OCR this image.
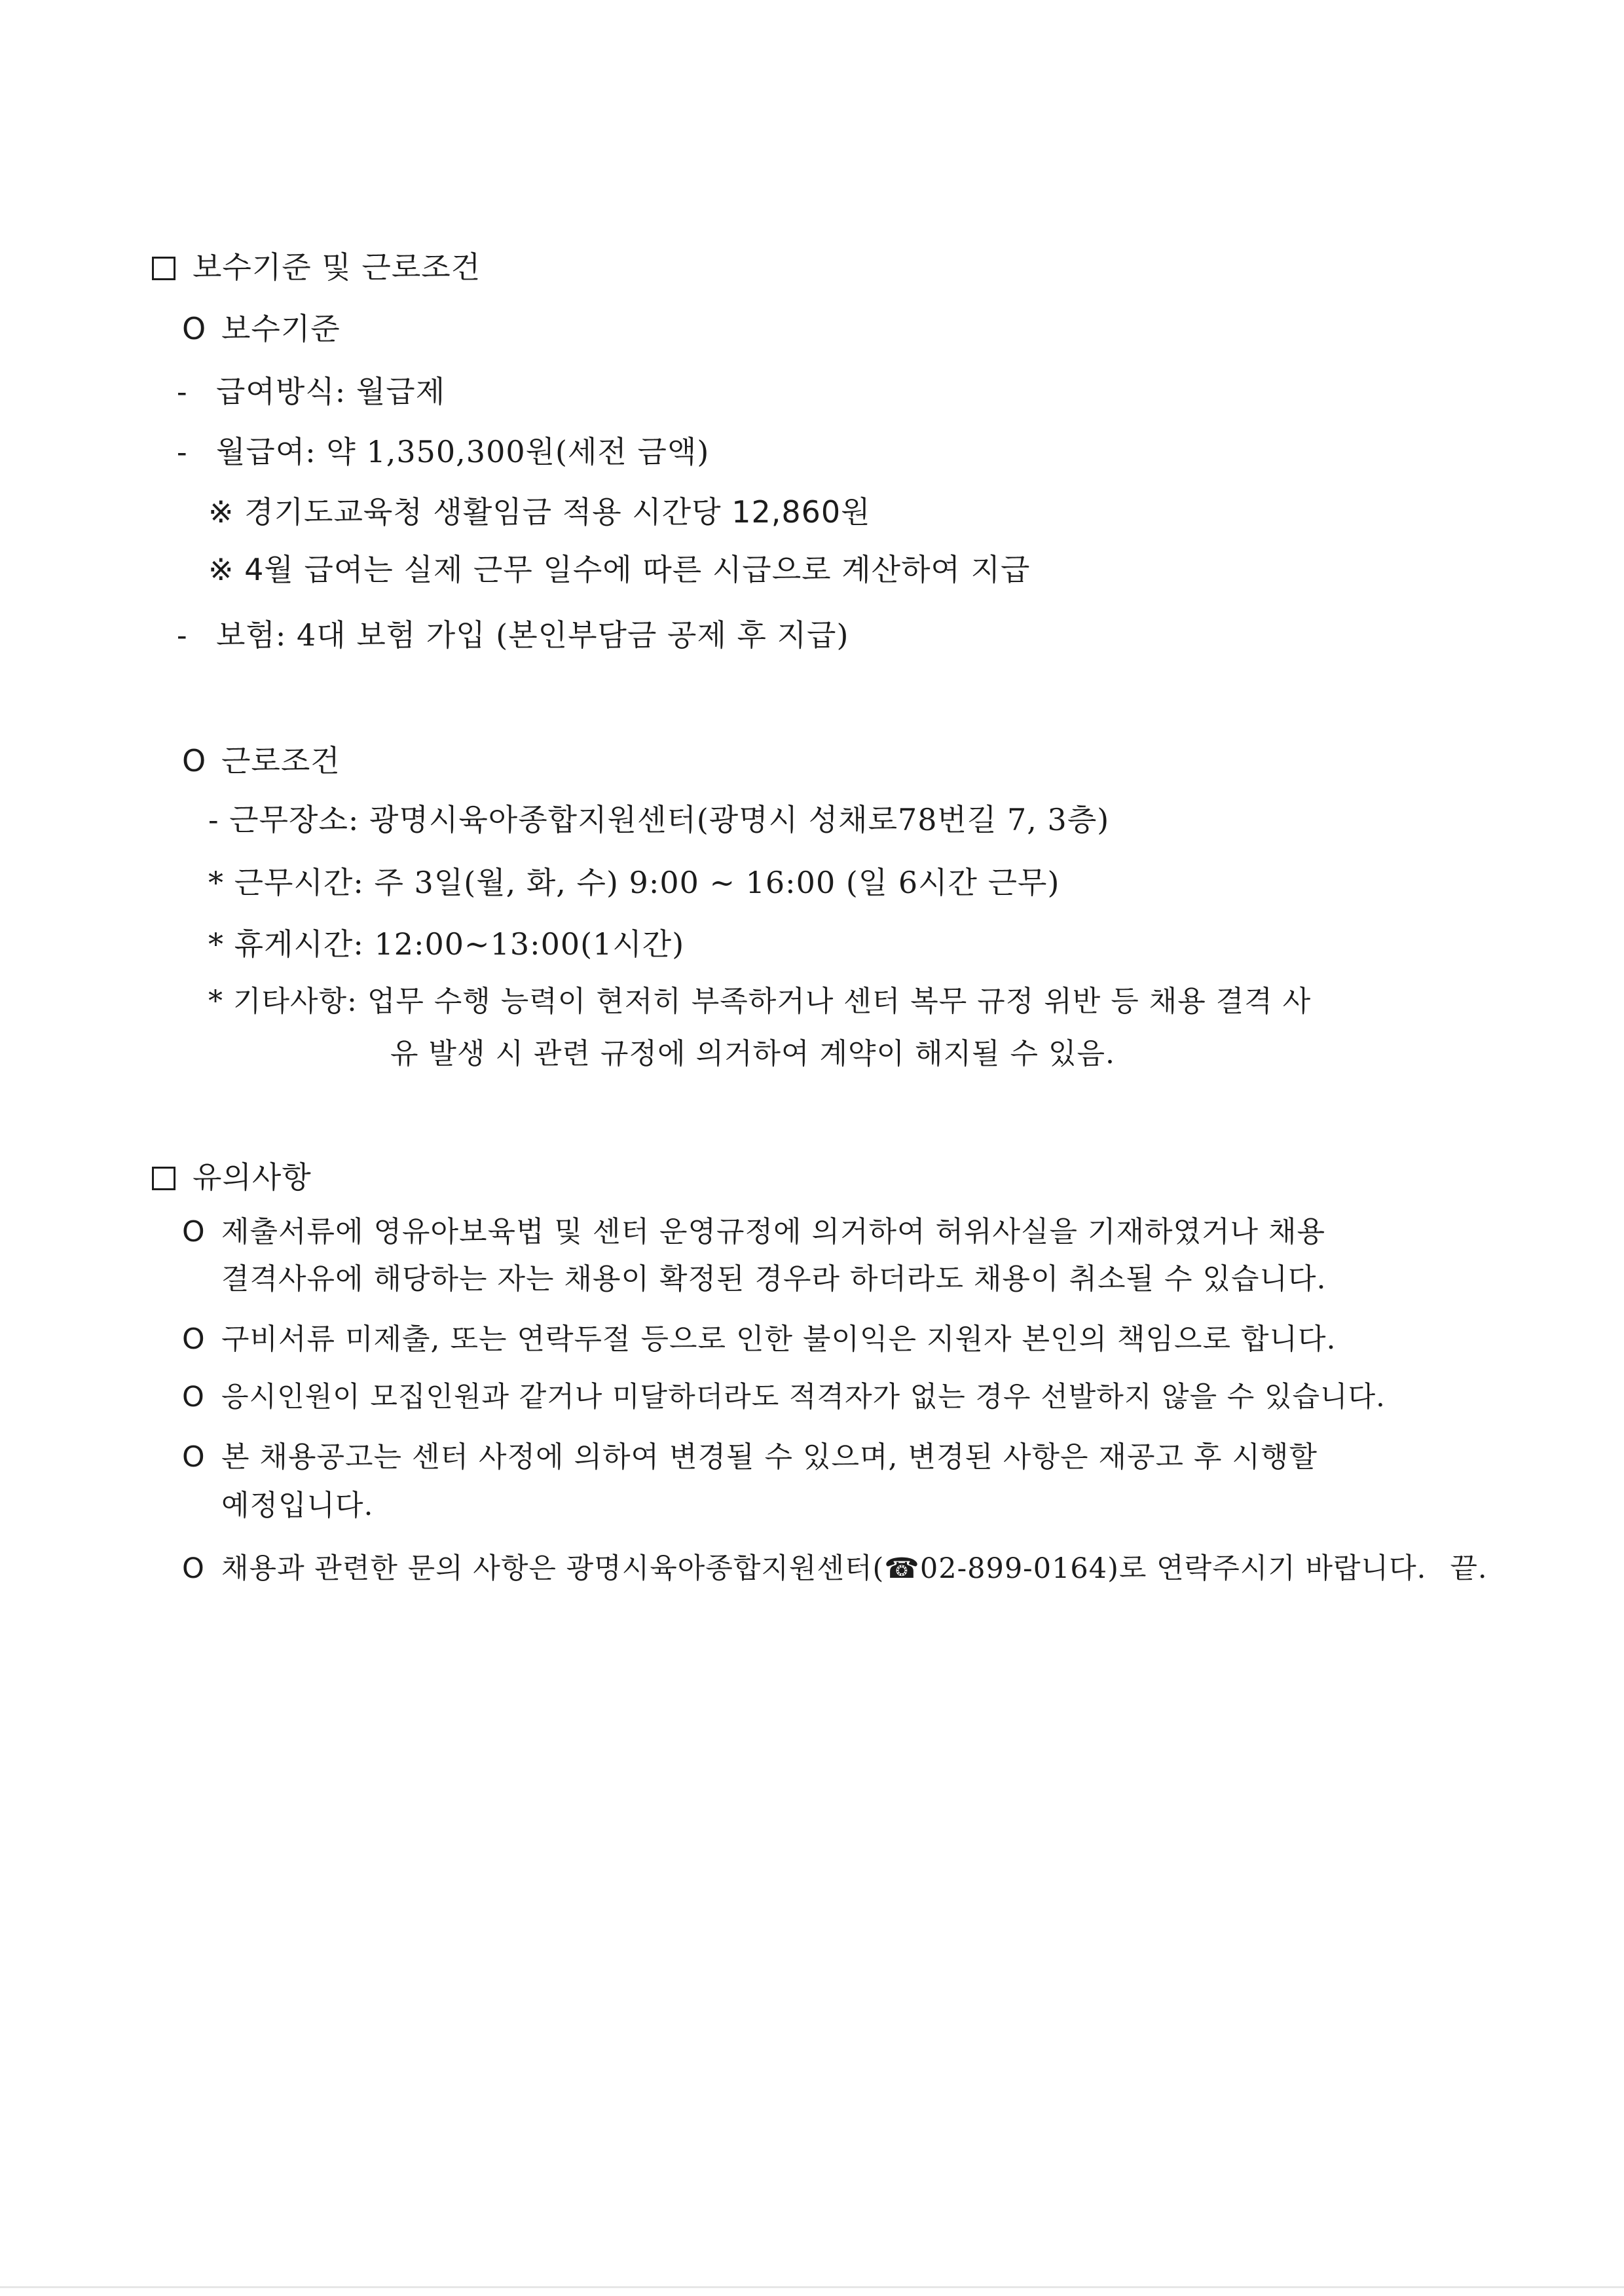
보수기준 및 근로조건
O 보수기준
- 급여방식: 월급제
- 월급여: 약 1,350,300원(세전 금액)
※ 경기도교육청 생활임금 적용 시간당 12,860원
※ 4월 급여는 실제 근무 일수에 따른 시급으로 계산하여 지급
- 보험: 4대 보험 가입 (본인부담금 공제 후 지급)
O 근로조건
- 근무장소: 광명시육아종합지원센터(광명시 성채로78번길 7, 3층)
* 근무시간: 주 3일(월, 화, 수) 9:00 ~ 16:00 (일 6시간 근무)
* 휴게시간: 12:00~13:00(1시간)
* 기타사항: 업무 수행 능력이 현저히 부족하거나 센터 복무 규정 위반 등 채용 결격 사
유 발생 시 관련 규정에 의거하여 계약이 해지될 수 있음.
유의사항
O 제출서류에 영유아보육법 및 센터 운영규정에 의거하여 허위사실을 기재하였거나 채용
결격사유에 해당하는 자는 채용이 확정된 경우라 하더라도 채용이 취소될 수 있습니다.
O 구비서류 미제출, 또는 연락두절 등으로 인한 불이익은 지원자 본인의 책임으로 합니다.
O 응시인원이 모집인원과 같거나 미달하더라도 적격자가 없는 경우 선발하지 않을 수 있습니다.
O 본 채용공고는 센터 사정에 의하여 변경될 수 있으며, 변경된 사항은 재공고 후 시행할
예정입니다.
O 채용과 관련한 문의 사항은 광명시육아종합지원센터(☎02-899-0164)로 연락주시기 바랍니다. 끝.
